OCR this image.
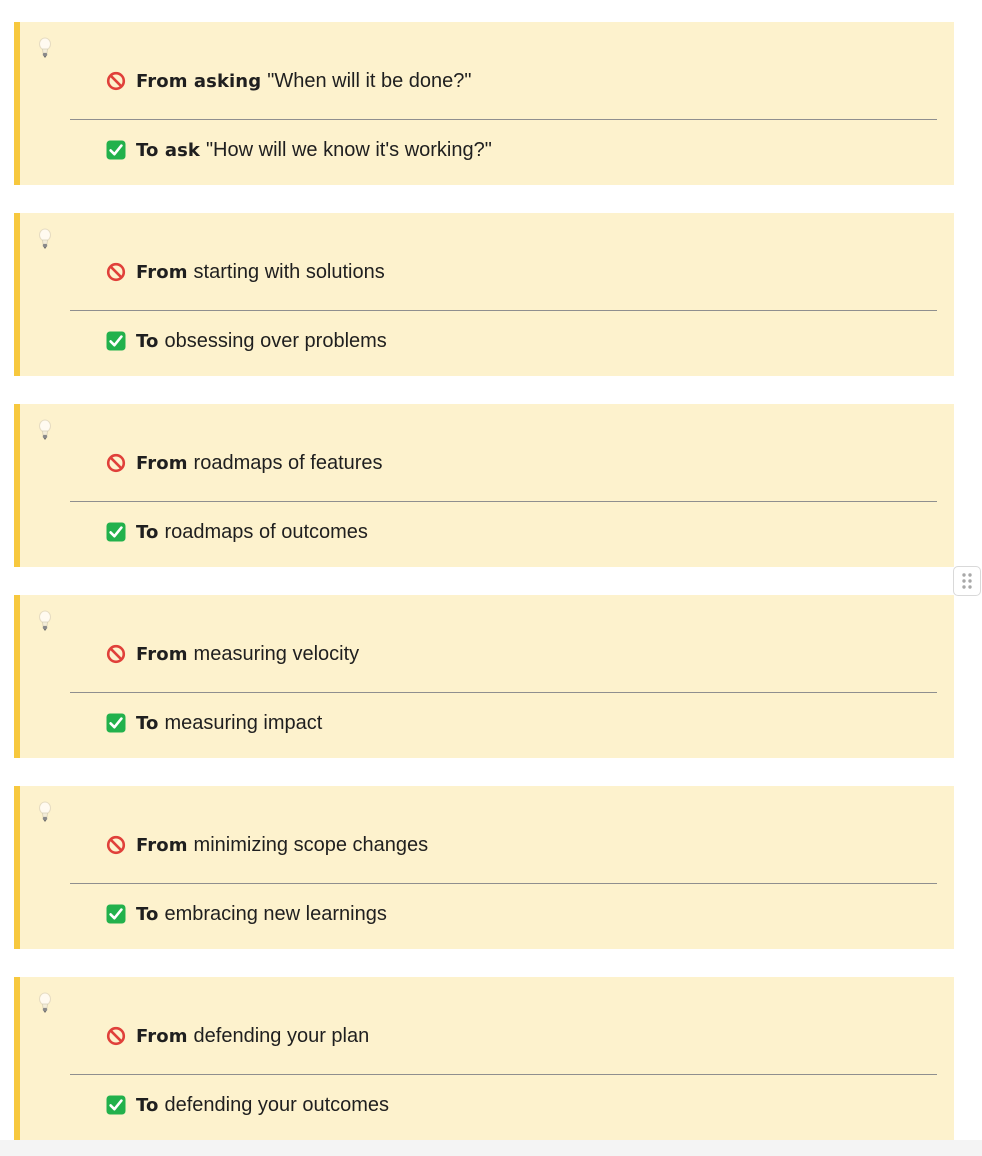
From asking "When will it be done?"
To ask "How will we know it's working?"
From starting with solutions
To obsessing over problems
From roadmaps of features
To roadmaps of outcomes
From measuring velocity
To measuring impact
From minimizing scope changes
To embracing new learnings
From defending your plan
To defending your outcomes
